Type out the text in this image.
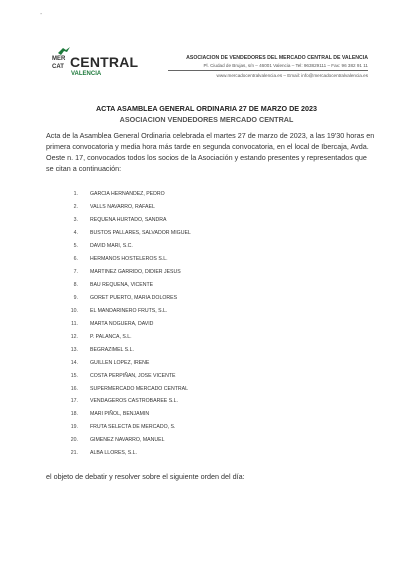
-
MER
CAT CENTRAL
VALENCIA
ASOCIACION DE VENDEDORES DEL MERCADO CENTRAL DE VALENCIA
Pl. Ciudad de Brujas, s/n – 46001 Valencia – Tel: 963829111 – Fax: 96 382 91 11
www.mercadocentralvalencia.es – Email: info@mercadocentralvalencia.es
ACTA ASAMBLEA GENERAL ORDINARIA 27 DE MARZO DE 2023
ASOCIACION VENDEDORES MERCADO CENTRAL
Acta de la Asamblea General Ordinaria celebrada el martes 27 de marzo de 2023, a las 19'30 horas en primera convocatoria y media hora más tarde en segunda convocatoria, en el local de Ibercaja, Avda. Oeste n. 17, convocados todos los socios de la Asociación y estando presentes y representados que se citan a continuación:
1. GARCIA HERNANDEZ, PEDRO
2. VALLS NAVARRO, RAFAEL
3. REQUENA HURTADO, SANDRA
4. BUSTOS PALLARES, SALVADOR MIGUEL
5. DAVID MARI, S.C.
6. HERMANOS HOSTELEROS S.L.
7. MARTINEZ GARRIDO, DIDIER JESUS
8. BAU REQUENA, VICENTE
9. GORET PUERTO, MARIA DOLORES
10. EL MANDARINERO FRUTS, S.L.
11. MARTA NOGUERA, DAVID
12. P. PALANCA, S.L.
13. BEGRAZIMEL S.L.
14. GUILLEN LOPEZ, IRENE
15. COSTA PERPIÑAN, JOSE VICENTE
16. SUPERMERCADO MERCADO CENTRAL
17. VENDAGEROS CASTROBAREE S.L.
18. MARI PIÑOL, BENJAMIN
19. FRUTA SELECTA DE MERCADO, S.
20. GIMENEZ NAVARRO, MANUEL
21. ALBA LLORES, S.L.
el objeto de debatir y resolver sobre el siguiente orden del día:
